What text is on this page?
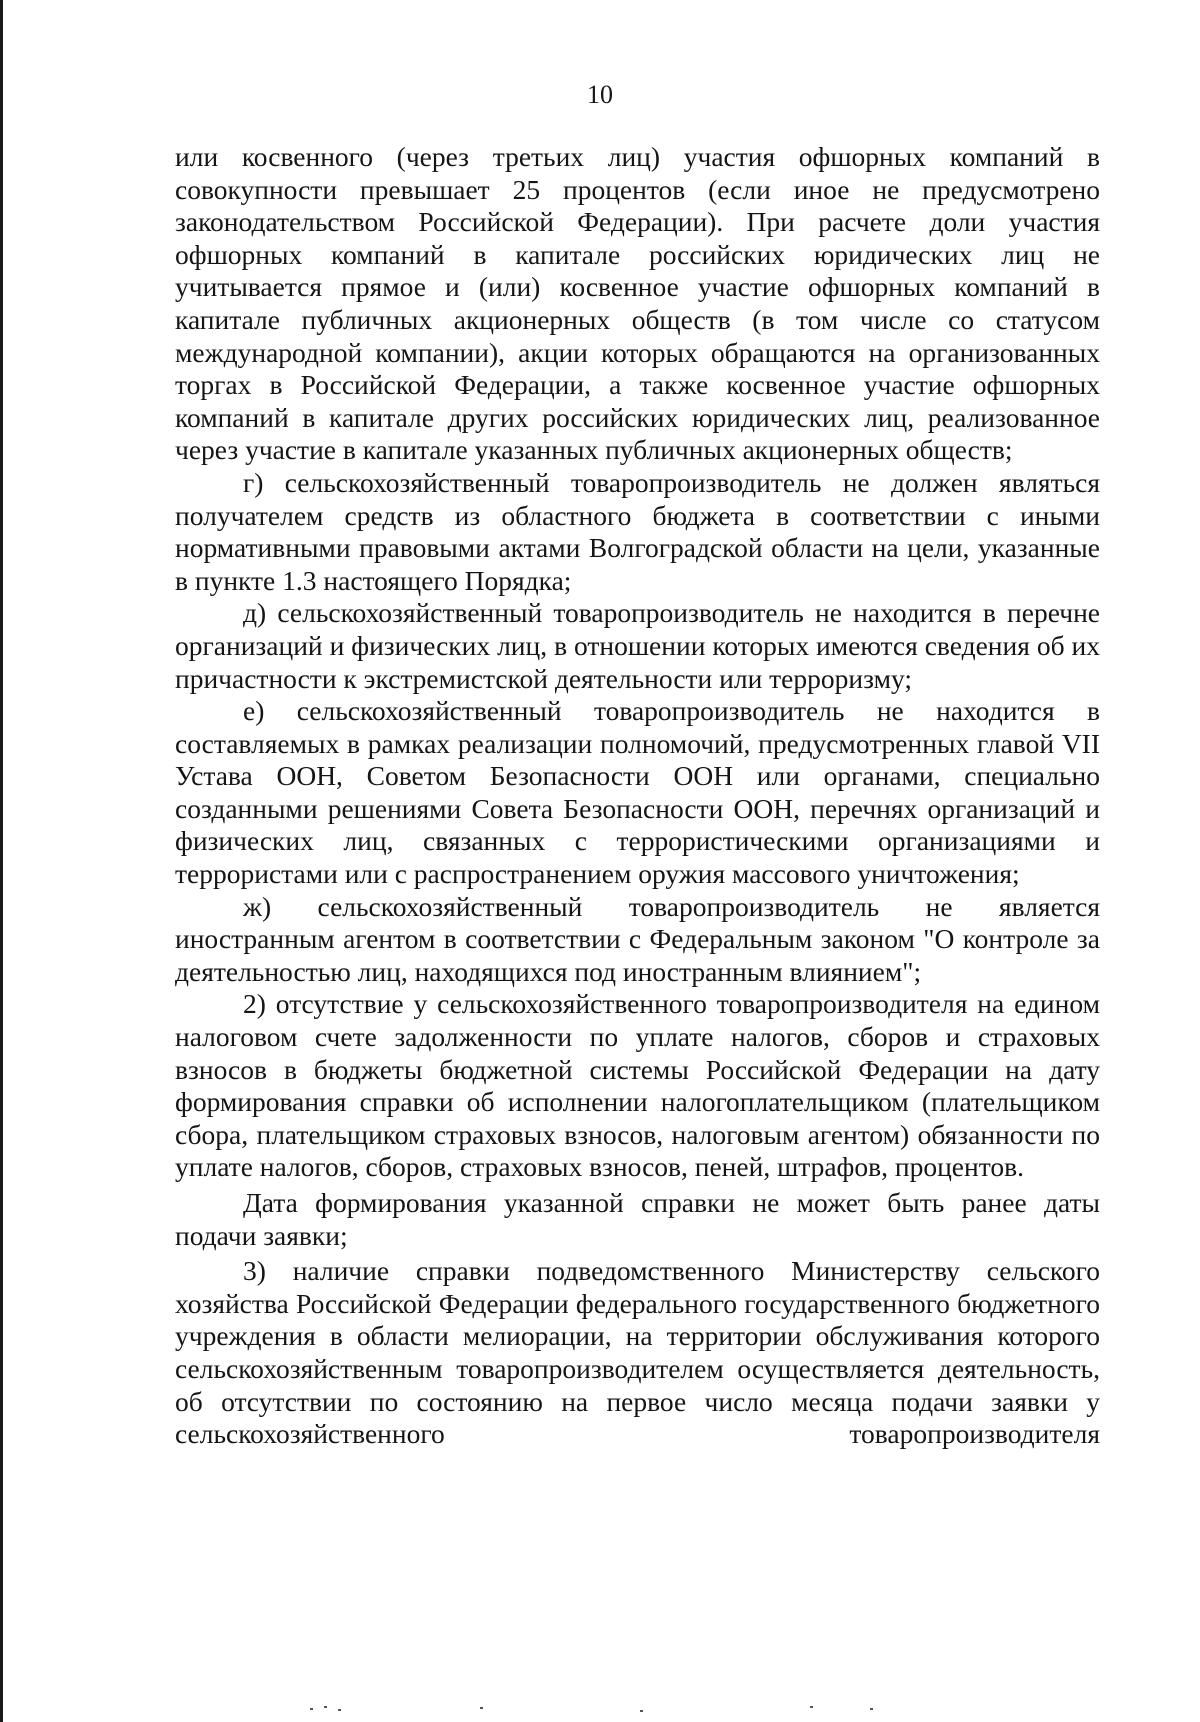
10

или косвенного (через третьих лиц) участия офшорных компаний в совокупности превышает 25 процентов (если иное не предусмотрено законодательством Российской Федерации). При расчете доли участия офшорных компаний в капитале российских юридических лиц не учитывается прямое и (или) косвенное участие офшорных компаний в капитале публичных акционерных обществ (в том числе со статусом международной компании), акции которых обращаются на организованных торгах в Российской Федерации, а также косвенное участие офшорных компаний в капитале других российских юридических лиц, реализованное через участие в капитале указанных публичных акционерных обществ;

г) сельскохозяйственный товаропроизводитель не должен являться получателем средств из областного бюджета в соответствии с иными нормативными правовыми актами Волгоградской области на цели, указанные в пункте 1.3 настоящего Порядка;

д) сельскохозяйственный товаропроизводитель не находится в перечне организаций и физических лиц, в отношении которых имеются сведения об их причастности к экстремистской деятельности или терроризму;

е) сельскохозяйственный товаропроизводитель не находится в составляемых в рамках реализации полномочий, предусмотренных главой VII Устава ООН, Советом Безопасности ООН или органами, специально созданными решениями Совета Безопасности ООН, перечнях организаций и физических лиц, связанных с террористическими организациями и террористами или с распространением оружия массового уничтожения;

ж) сельскохозяйственный товаропроизводитель не является иностранным агентом в соответствии с Федеральным законом "О контроле за деятельностью лиц, находящихся под иностранным влиянием";

2) отсутствие у сельскохозяйственного товаропроизводителя на едином налоговом счете задолженности по уплате налогов, сборов и страховых взносов в бюджеты бюджетной системы Российской Федерации на дату формирования справки об исполнении налогоплательщиком (плательщиком сбора, плательщиком страховых взносов, налоговым агентом) обязанности по уплате налогов, сборов, страховых взносов, пеней, штрафов, процентов.

Дата формирования указанной справки не может быть ранее даты подачи заявки;

3) наличие справки подведомственного Министерству сельского хозяйства Российской Федерации федерального государственного бюджетного учреждения в области мелиорации, на территории обслуживания которого сельскохозяйственным товаропроизводителем осуществляется деятельность, об отсутствии по состоянию на первое число месяца подачи заявки у сельскохозяйственного товаропроизводителя
